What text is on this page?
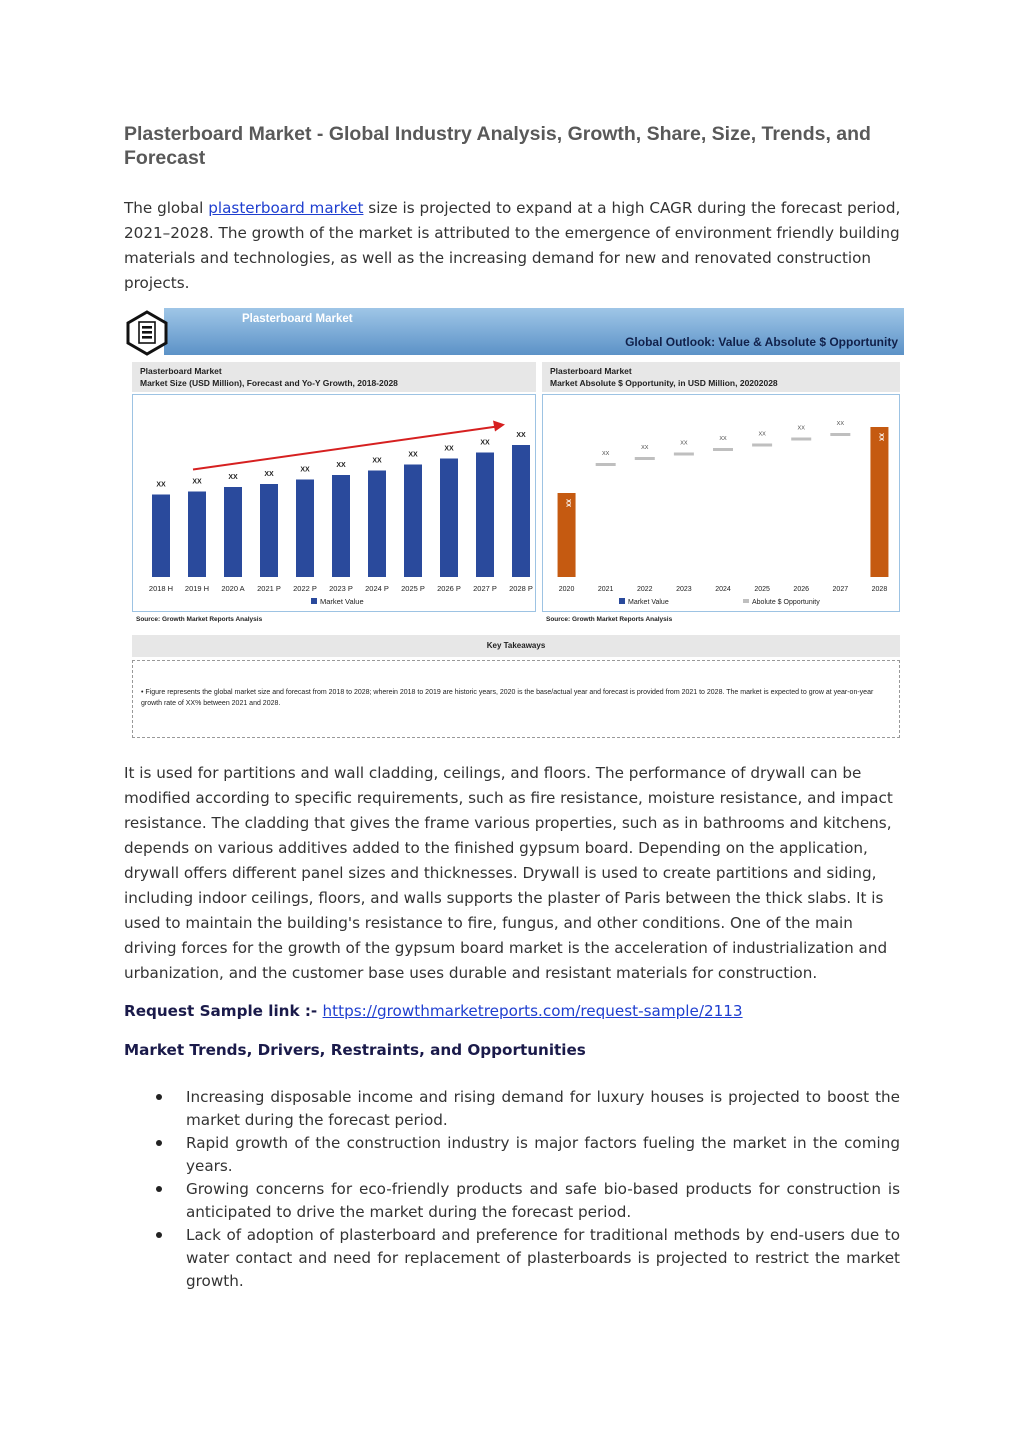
Plasterboard Market - Global Industry Analysis, Growth, Share, Size, Trends, and Forecast

The global plasterboard market size is projected to expand at a high CAGR during the forecast period, 2021–2028. The growth of the market is attributed to the emergence of environment friendly building materials and technologies, as well as the increasing demand for new and renovated construction projects.

Plasterboard Market
Global Outlook: Value & Absolute $ Opportunity
Plasterboard Market
Market Size (USD Million), Forecast and Yo-Y Growth, 2018-2028
XX
2018 H
XX
2019 H
XX
2020 A
XX
2021 P
XX
2022 P
XX
2023 P
XX
2024 P
XX
2025 P
XX
2026 P
XX
2027 P
XX
2028 P
Market Value
Source: Growth Market Reports Analysis
Plasterboard Market
Market Absolute $ Opportunity, in USD Million, 20202028
XX
2020
XX
2021
XX
2022
XX
2023
XX
2024
XX
2025
XX
2026
XX
2027
XX
2028
Market Value	Abolute $ Opportunity
Source: Growth Market Reports Analysis
Key Takeaways
• Figure represents the global market size and forecast from 2018 to 2028; wherein 2018 to 2019 are historic years, 2020 is the base/actual year and forecast is provided from 2021 to 2028. The market is expected to grow at year-on-year growth rate of XX% between 2021 and 2028.

It is used for partitions and wall cladding, ceilings, and floors. The performance of drywall can be modified according to specific requirements, such as fire resistance, moisture resistance, and impact resistance. The cladding that gives the frame various properties, such as in bathrooms and kitchens, depends on various additives added to the finished gypsum board. Depending on the application, drywall offers different panel sizes and thicknesses. Drywall is used to create partitions and siding, including indoor ceilings, floors, and walls supports the plaster of Paris between the thick slabs. It is used to maintain the building's resistance to fire, fungus, and other conditions. One of the main driving forces for the growth of the gypsum board market is the acceleration of industrialization and urbanization, and the customer base uses durable and resistant materials for construction.

Request Sample link :- https://growthmarketreports.com/request-sample/2113

Market Trends, Drivers, Restraints, and Opportunities
Increasing disposable income and rising demand for luxury houses is projected to boost the market during the forecast period.
Rapid growth of the construction industry is major factors fueling the market in the coming years.
Growing concerns for eco-friendly products and safe bio-based products for construction is anticipated to drive the market during the forecast period.
Lack of adoption of plasterboard and preference for traditional methods by end-users due to water contact and need for replacement of plasterboards is projected to restrict the market growth.
